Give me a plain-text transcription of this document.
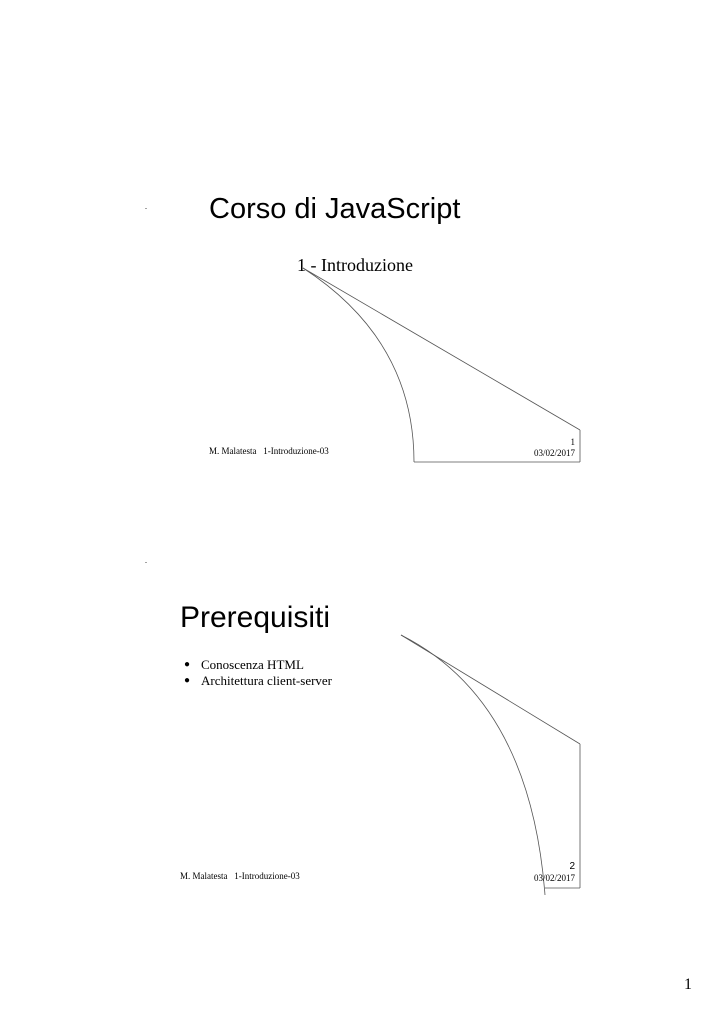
. Corso di JavaScript
1 - Introduzione
M. Malatesta   1-Introduzione-03
1
03/02/2017
.
Prerequisiti
● Conoscenza HTML
● Architettura client-server
M. Malatesta   1-Introduzione-03
2
03/02/2017
1
